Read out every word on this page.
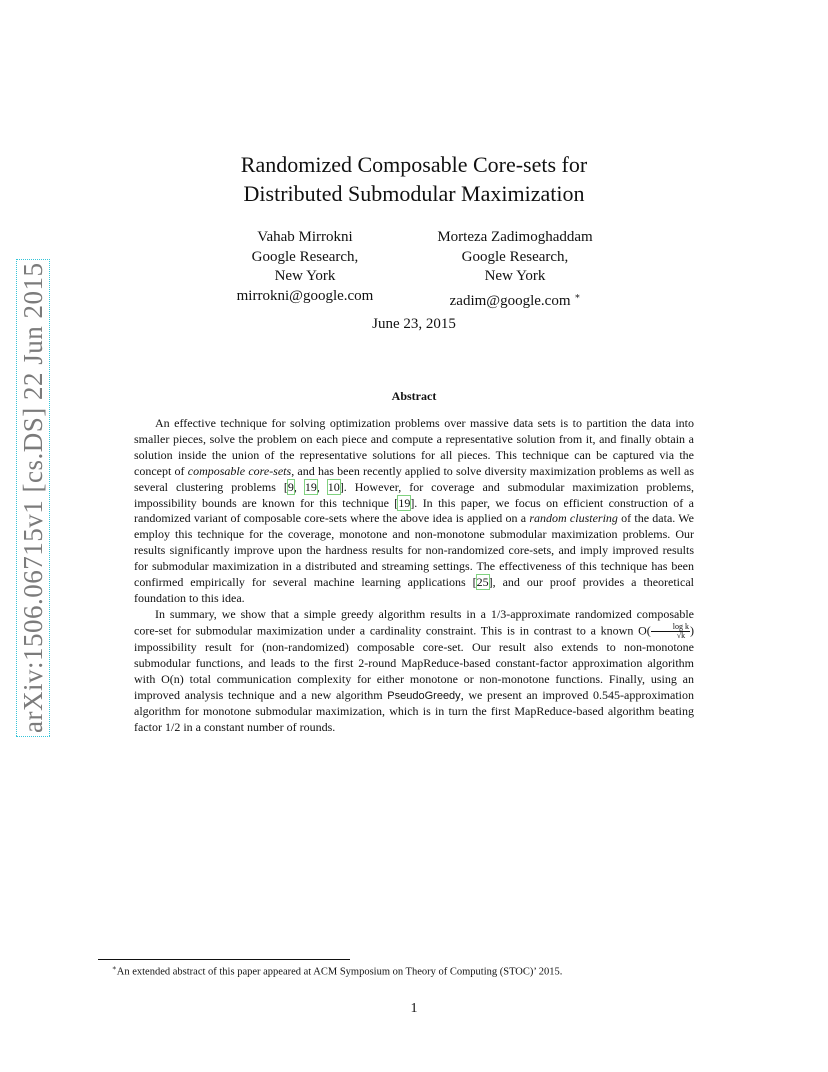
arXiv:1506.06715v1 [cs.DS] 22 Jun 2015
Randomized Composable Core-sets for
Distributed Submodular Maximization
Vahab Mirrokni
Google Research,
New York
mirrokni@google.com
Morteza Zadimoghaddam
Google Research,
New York
zadim@google.com ∗
June 23, 2015
Abstract

An effective technique for solving optimization problems over massive data sets is to partition the data into smaller pieces, solve the problem on each piece and compute a representative solution from it, and finally obtain a solution inside the union of the representative solutions for all pieces. This technique can be captured via the concept of composable core-sets, and has been recently applied to solve diversity maximization problems as well as several clustering problems [9, 19, 10]. However, for coverage and submodular maximization problems, impossibility bounds are known for this technique [19]. In this paper, we focus on efficient construction of a randomized variant of composable core-sets where the above idea is applied on a random clustering of the data. We employ this technique for the coverage, monotone and non-monotone submodular maximization problems. Our results significantly improve upon the hardness results for non-randomized core-sets, and imply improved results for submodular maximization in a distributed and streaming settings. The effectiveness of this technique has been confirmed empirically for several machine learning applications [25], and our proof provides a theoretical foundation to this idea.

In summary, we show that a simple greedy algorithm results in a 1/3-approximate randomized composable core-set for submodular maximization under a cardinality constraint. This is in contrast to a known $O( \frac{\text{log k}}{√k}$ ) impossibility result for (non-randomized) composable core-set. Our result also extends to non-monotone submodular functions, and leads to the first 2-round MapReduce-based constant-factor approximation algorithm with O(n) total communication complexity for either monotone or non-monotone functions. Finally, using an improved analysis technique and a new algorithm PseudoGreedy, we present an improved 0.545-approximation algorithm for monotone submodular maximization, which is in turn the first MapReduce-based algorithm beating factor 1/2 in a constant number of rounds.

∗An extended abstract of this paper appeared at ACM Symposium on Theory of Computing (STOC)’ 2015.
1
